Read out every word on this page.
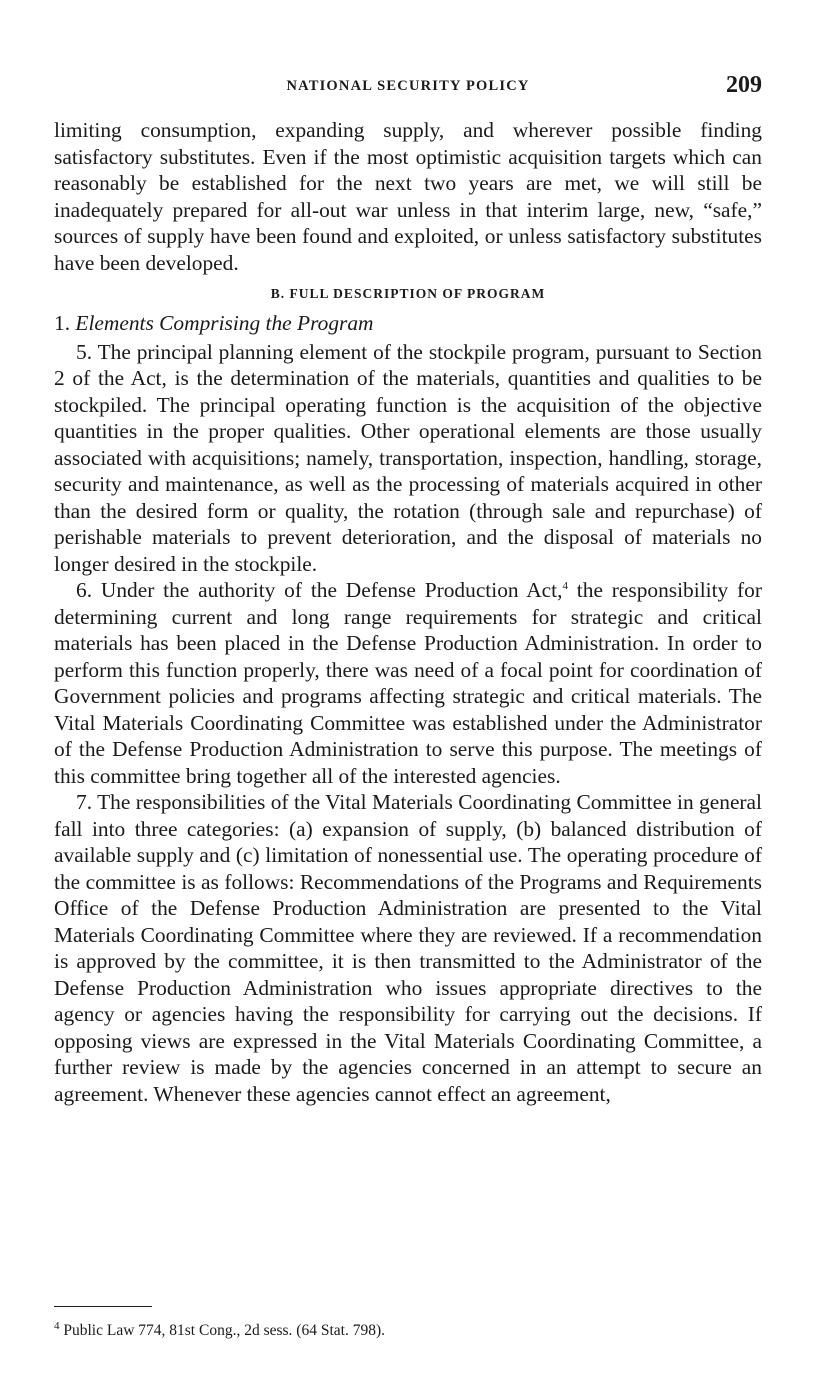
NATIONAL SECURITY POLICY	209

limiting consumption, expanding supply, and wherever possible finding satisfactory substitutes. Even if the most optimistic acquisition targets which can reasonably be established for the next two years are met, we will still be inadequately prepared for all-out war unless in that interim large, new, “safe,” sources of supply have been found and exploited, or unless satisfactory substitutes have been developed.

B. FULL DESCRIPTION OF PROGRAM
1. Elements Comprising the Program

5. The principal planning element of the stockpile program, pursuant to Section 2 of the Act, is the determination of the materials, quantities and qualities to be stockpiled. The principal operating function is the acquisition of the objective quantities in the proper qualities. Other operational elements are those usually associated with acquisitions; namely, transportation, inspection, handling, storage, security and maintenance, as well as the processing of materials acquired in other than the desired form or quality, the rotation (through sale and repurchase) of perishable materials to prevent deterioration, and the disposal of materials no longer desired in the stockpile.

6. Under the authority of the Defense Production Act,$^4$ the responsibility for determining current and long range requirements for strategic and critical materials has been placed in the Defense Production Administration. In order to perform this function properly, there was need of a focal point for coordination of Government policies and programs affecting strategic and critical materials. The Vital Materials Coordinating Committee was established under the Administrator of the Defense Production Administration to serve this purpose. The meetings of this committee bring together all of the interested agencies.

7. The responsibilities of the Vital Materials Coordinating Committee in general fall into three categories: (a) expansion of supply, (b) balanced distribution of available supply and (c) limitation of nonessential use. The operating procedure of the committee is as follows: Recommendations of the Programs and Requirements Office of the Defense Production Administration are presented to the Vital Materials Coordinating Committee where they are reviewed. If a recommendation is approved by the committee, it is then transmitted to the Administrator of the Defense Production Administration who issues appropriate directives to the agency or agencies having the responsibility for carrying out the decisions. If opposing views are expressed in the Vital Materials Coordinating Committee, a further review is made by the agencies concerned in an attempt to secure an agreement. Whenever these agencies cannot effect an agreement,

$^4$ Public Law 774, 81st Cong., 2d sess. (64 Stat. 798).
